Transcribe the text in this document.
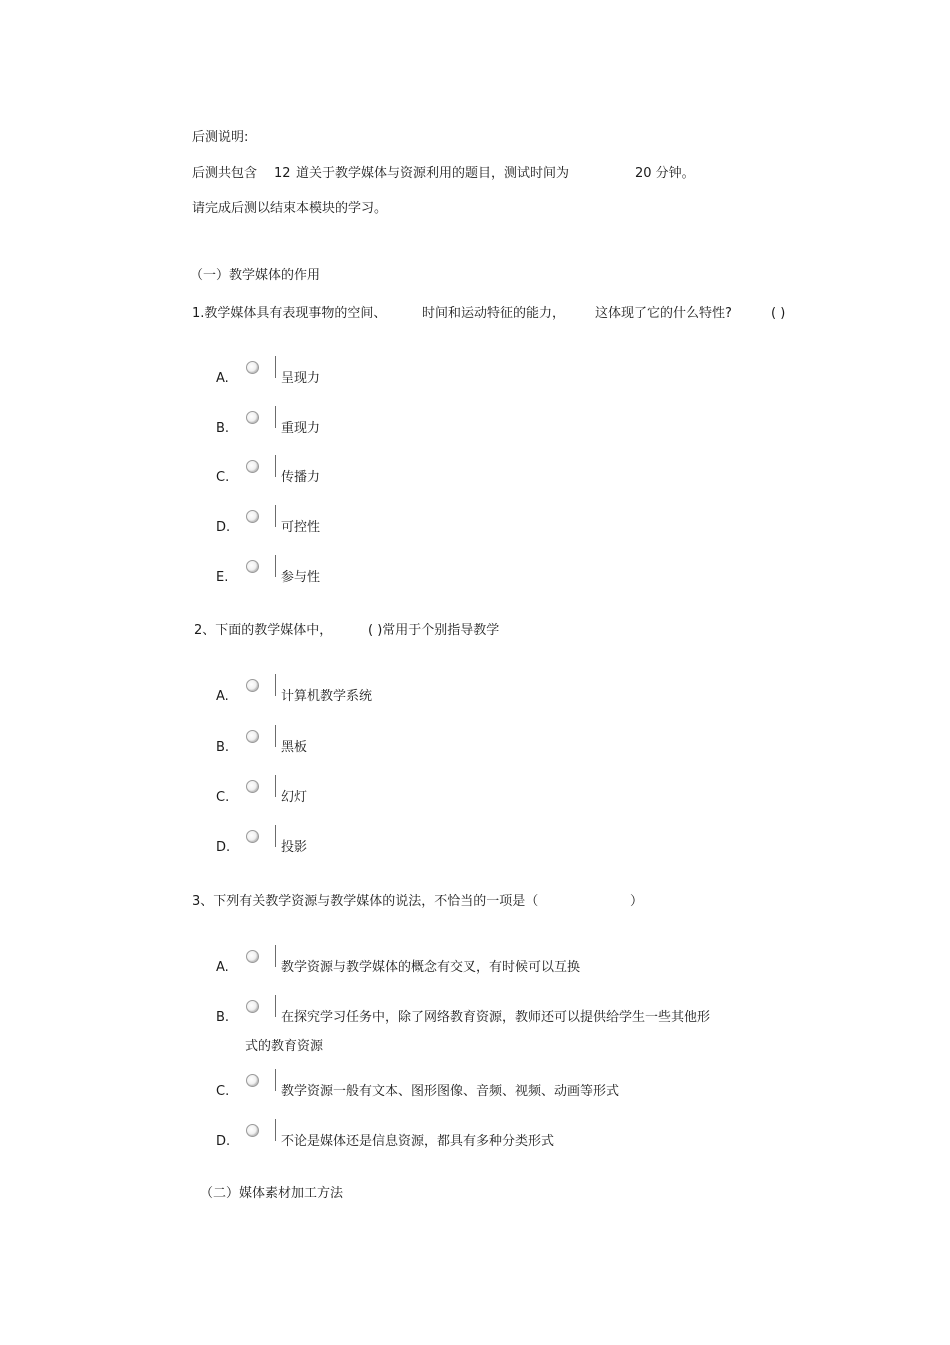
后测说明:
后测共包含 12 道关于教学媒体与资源利用的题目，测试时间为	20 分钟。
请完成后测以结束本模块的学习。
（一）教学媒体的作用
1.教学媒体具有表现事物的空间、	时间和运动特征的能力， 这体现了它的什么特性?	( )
A.	呈现力
B.	重现力
C.	传播力
D.	可控性
E.	参与性
2、下面的教学媒体中，	( )常用于个别指导教学
A.	计算机教学系统
B.	黑板
C.	幻灯
D.	投影
3、下列有关教学资源与教学媒体的说法，不恰当的一项是（	）
A.	教学资源与教学媒体的概念有交叉，有时候可以互换
B.	在探究学习任务中，除了网络教育资源，教师还可以提供给学生一些其他形
式的教育资源
C.	教学资源一般有文本、图形图像、音频、视频、动画等形式
D.	不论是媒体还是信息资源，都具有多种分类形式
（二）媒体素材加工方法
